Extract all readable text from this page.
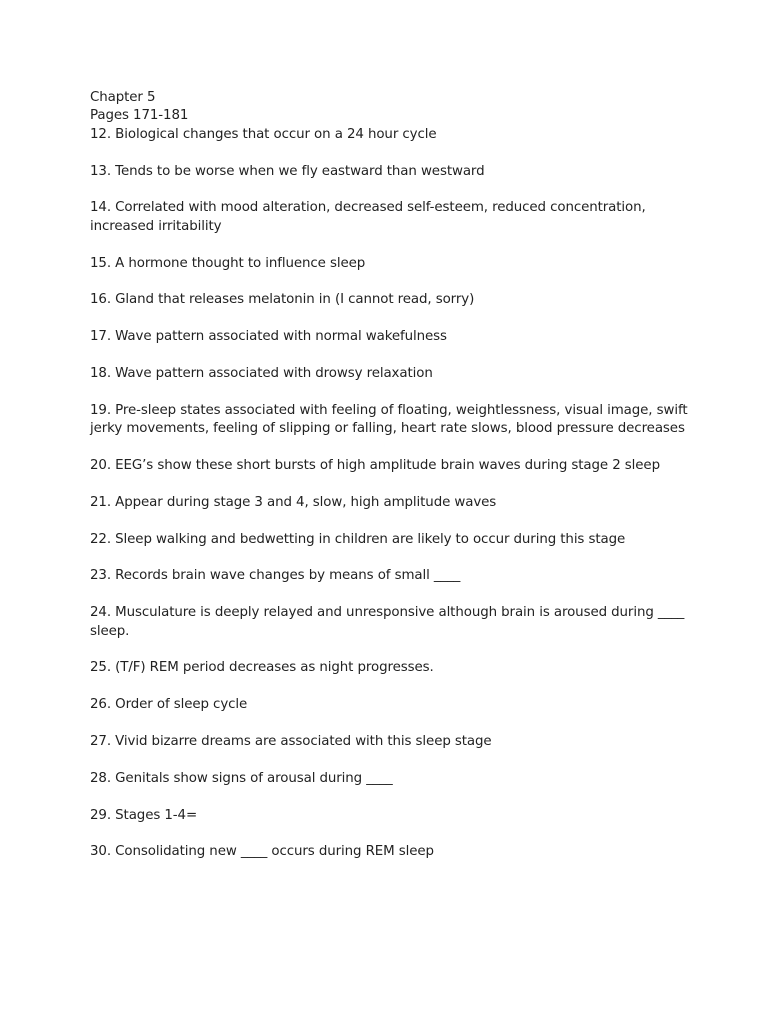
Chapter 5

Pages 171-181

12. Biological changes that occur on a 24 hour cycle

13. Tends to be worse when we fly eastward than westward

14. Correlated with mood alteration, decreased self-esteem, reduced concentration, increased irritability

15. A hormone thought to influence sleep

16. Gland that releases melatonin in (I cannot read, sorry)

17. Wave pattern associated with normal wakefulness

18. Wave pattern associated with drowsy relaxation

19. Pre-sleep states associated with feeling of floating, weightlessness, visual image, swift jerky movements, feeling of slipping or falling, heart rate slows, blood pressure decreases

20. EEG’s show these short bursts of high amplitude brain waves during stage 2 sleep

21. Appear during stage 3 and 4, slow, high amplitude waves

22. Sleep walking and bedwetting in children are likely to occur during this stage

23. Records brain wave changes by means of small ____

24. Musculature is deeply relayed and unresponsive although brain is aroused during ____ sleep.

25. (T/F) REM period decreases as night progresses.

26. Order of sleep cycle

27. Vivid bizarre dreams are associated with this sleep stage

28. Genitals show signs of arousal during ____

29. Stages 1-4=

30. Consolidating new ____ occurs during REM sleep
